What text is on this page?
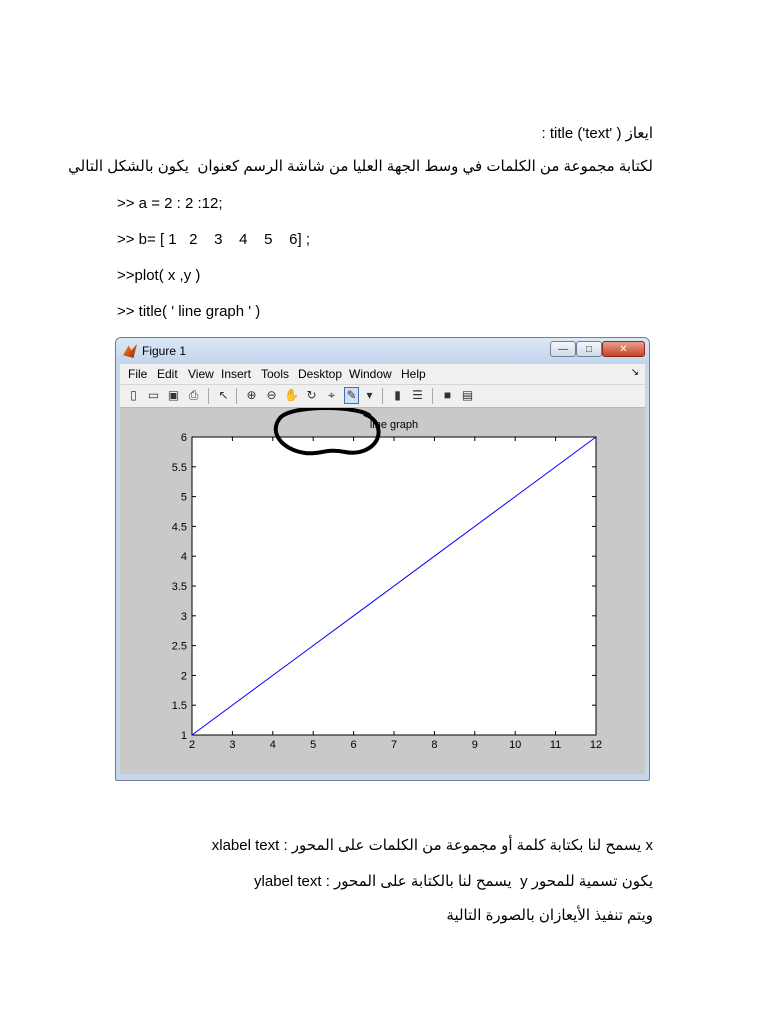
ايعاز ( 'title ('text :
لكتابة مجموعة من الكلمات في وسط الجهة العليا من شاشة الرسم كعنوان  يكون بالشكل التالي
>> a = 2 : 2 :12;
>> b= [ 1   2    3    4    5    6] ;
>>plot( x ,y )
>> title( ' line graph ' )
Figure 1	—	□	✕
File Edit View Insert Tools Desktop Window Help	↘
▯ ▭ ▣ ⎙ ↖ ⊕ ⊖ ✋ ↻ ⌖ ✎ ▾	▮ ☰	■ ▤
2	3	4	5	6	7	8	9	10	11	12
1
1.5
2
2.5
3
3.5
4
4.5
5
5.5
6
line graph
xlabel text : يسمح لنا بكتابة كلمة أو مجموعة من الكلمات على المحور x
ylabel text : يسمح لنا بالكتابة على المحور  y يكون تسمية للمحور
ويتم تنفيذ الأيعازان بالصورة التالية
